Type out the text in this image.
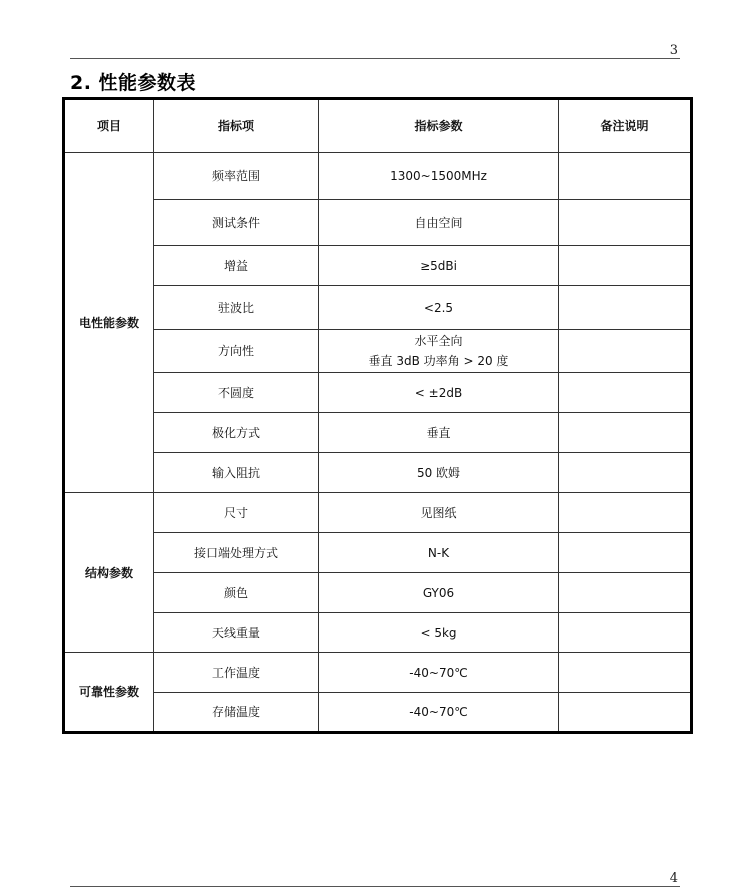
3
2. 性能参数表
项目	指标项	指标参数	备注说明
电性能参数	频率范围	1300~1500MHz	
	测试条件	自由空间	
	增益	≥5dBi	
	驻波比	<2.5	
	方向性	水平全向
垂直 3dB 功率角 > 20 度	

	不圆度	< ±2dB	
	极化方式	垂直	
	输入阻抗	50 欧姆	
结构参数	尺寸	见图纸	
	接口端处理方式	N-K	
	颜色	GY06	
	天线重量	< 5kg	
可靠性参数	工作温度	-40~70℃	
	存储温度	-40~70℃	
4
